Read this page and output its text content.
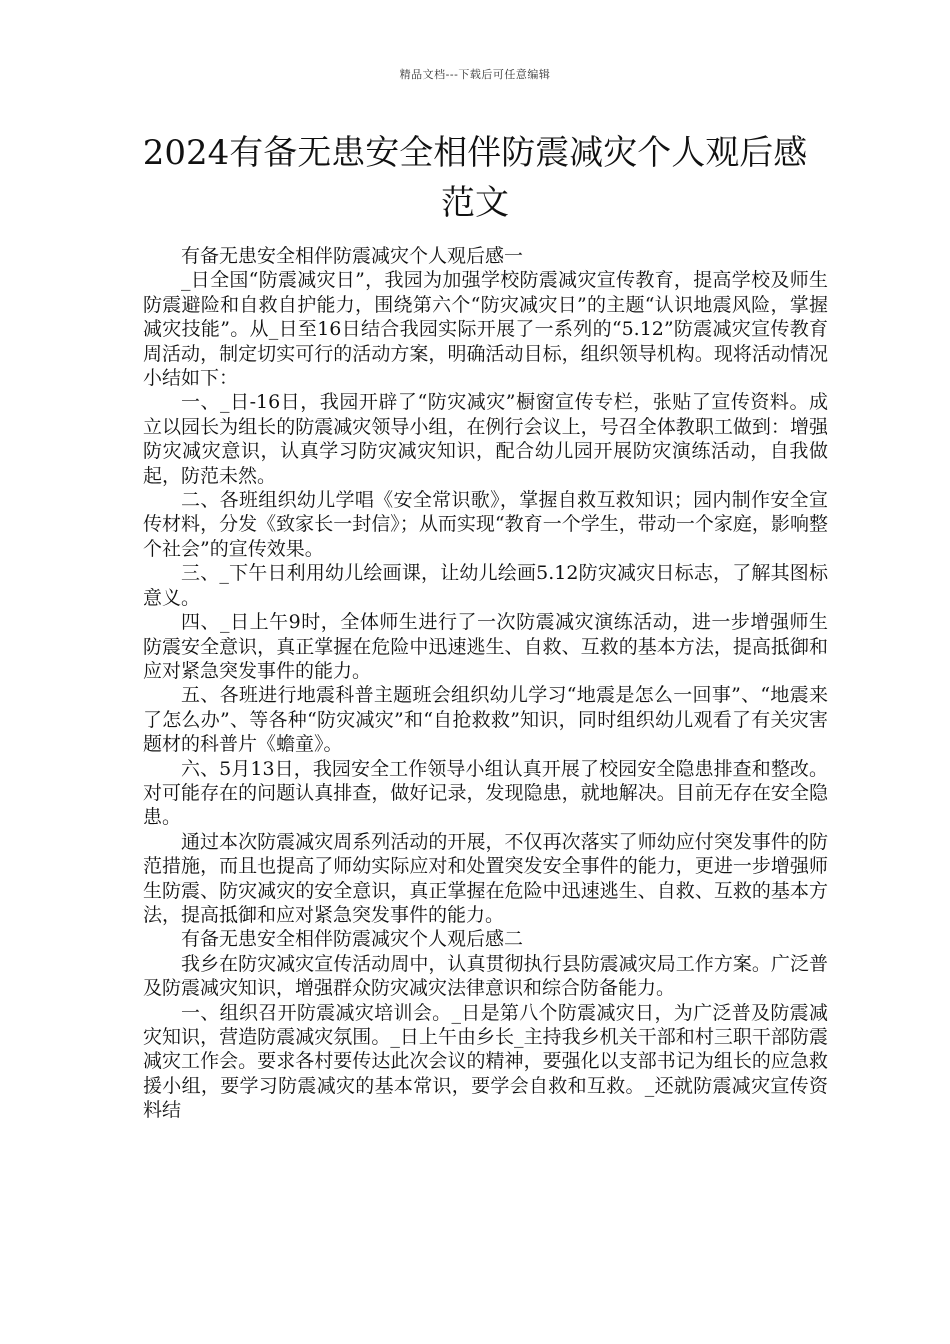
精品文档---下载后可任意编辑
2024有备无患安全相伴防震减灾个人观后感范文

有备无患安全相伴防震减灾个人观后感一

_日全国“防震减灾日”，我园为加强学校防震减灾宣传教育，提高学校及师生防震避险和自救自护能力，围绕第六个“防灾减灾日”的主题“认识地震风险，掌握减灾技能”。从_日至16日结合我园实际开展了一系列的“5.12”防震减灾宣传教育周活动，制定切实可行的活动方案，明确活动目标，组织领导机构。现将活动情况小结如下：

一、_日-16日，我园开辟了“防灾减灾”橱窗宣传专栏，张贴了宣传资料。成立以园长为组长的防震减灾领导小组，在例行会议上，号召全体教职工做到：增强防灾减灾意识，认真学习防灾减灾知识，配合幼儿园开展防灾演练活动，自我做起，防范未然。

二、各班组织幼儿学唱《安全常识歌》，掌握自救互救知识；园内制作安全宣传材料，分发《致家长一封信》；从而实现“教育一个学生，带动一个家庭，影响整个社会”的宣传效果。

三、_下午日利用幼儿绘画课，让幼儿绘画5.12防灾减灾日标志，了解其图标意义。

四、_日上午9时，全体师生进行了一次防震减灾演练活动，进一步增强师生防震安全意识，真正掌握在危险中迅速逃生、自救、互救的基本方法，提高抵御和应对紧急突发事件的能力。

五、各班进行地震科普主题班会组织幼儿学习“地震是怎么一回事”、“地震来了怎么办”、等各种“防灾减灾”和“自抢救救”知识，同时组织幼儿观看了有关灾害题材的科普片《蟾童》。

六、5月13日，我园安全工作领导小组认真开展了校园安全隐患排查和整改。对可能存在的问题认真排查，做好记录，发现隐患，就地解决。目前无存在安全隐患。

通过本次防震减灾周系列活动的开展，不仅再次落实了师幼应付突发事件的防范措施，而且也提高了师幼实际应对和处置突发安全事件的能力，更进一步增强师生防震、防灾减灾的安全意识，真正掌握在危险中迅速逃生、自救、互救的基本方法，提高抵御和应对紧急突发事件的能力。

有备无患安全相伴防震减灾个人观后感二

我乡在防灾减灾宣传活动周中，认真贯彻执行县防震减灾局工作方案。广泛普及防震减灾知识，增强群众防灾减灾法律意识和综合防备能力。

一、组织召开防震减灾培训会。_日是第八个防震减灾日，为广泛普及防震减灾知识，营造防震减灾氛围。_日上午由乡长_主持我乡机关干部和村三职干部防震减灾工作会。要求各村要传达此次会议的精神，要强化以支部书记为组长的应急救援小组，要学习防震减灾的基本常识，要学会自救和互救。_还就防震减灾宣传资料结
